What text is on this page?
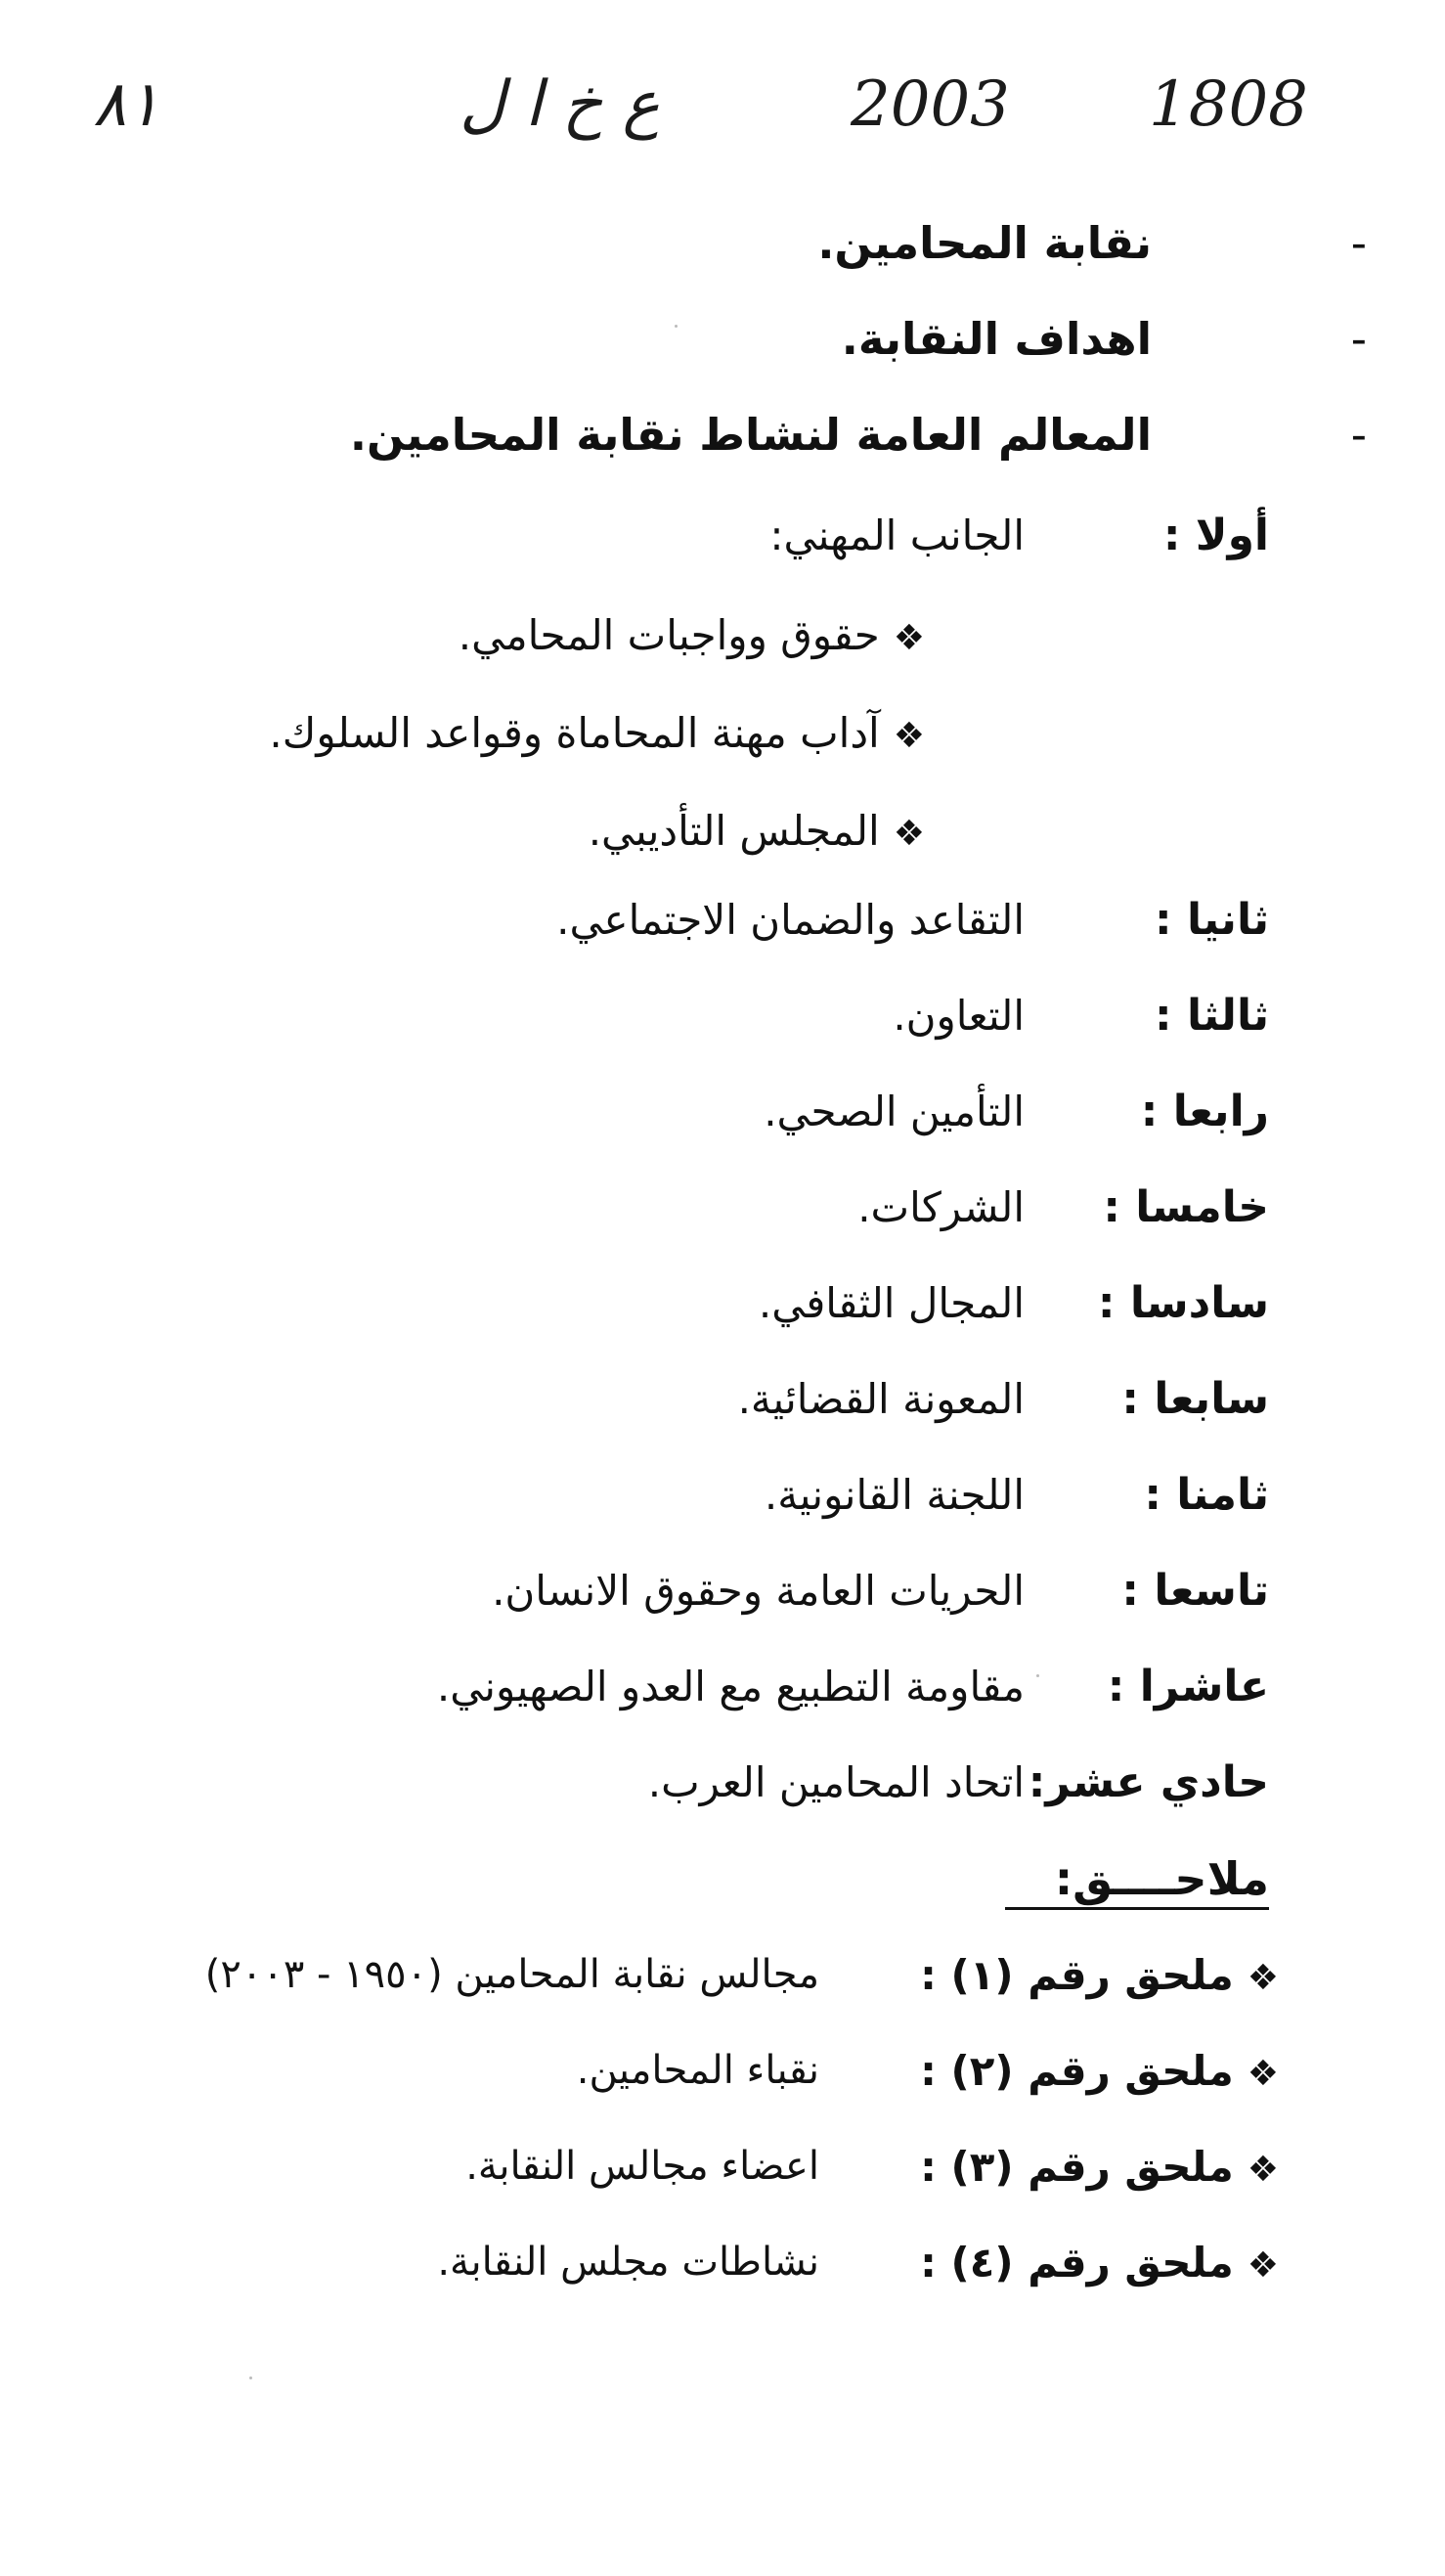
٨١	ع خ ا ل	2003 1808
-نقابة المحامين.
-اهداف النقابة.
-المعالم العامة لنشاط نقابة المحامين.
أولا :
الجانب المهني:
❖حقوق وواجبات المحامي.
❖آداب مهنة المحاماة وقواعد السلوك.
❖المجلس التأديبي.
ثانيا :
التقاعد والضمان الاجتماعي.
ثالثا :
التعاون.
رابعا :
التأمين الصحي.
خامسا :
الشركات.
سادسا :
المجال الثقافي.
سابعا :
المعونة القضائية.
ثامنا :
اللجنة القانونية.
تاسعا :
الحريات العامة وحقوق الانسان.
عاشرا :
مقاومة التطبيع مع العدو الصهيوني.
حادي عشر:
اتحاد المحامين العرب.
ملاحــــق:
❖ملحق رقم (١) :
مجالس نقابة المحامين (١٩٥٠ - ٢٠٠٣)
❖ملحق رقم (٢) :
نقباء المحامين.
❖ملحق رقم (٣) :
اعضاء مجالس النقابة.
❖ملحق رقم (٤) :
نشاطات مجلس النقابة.
